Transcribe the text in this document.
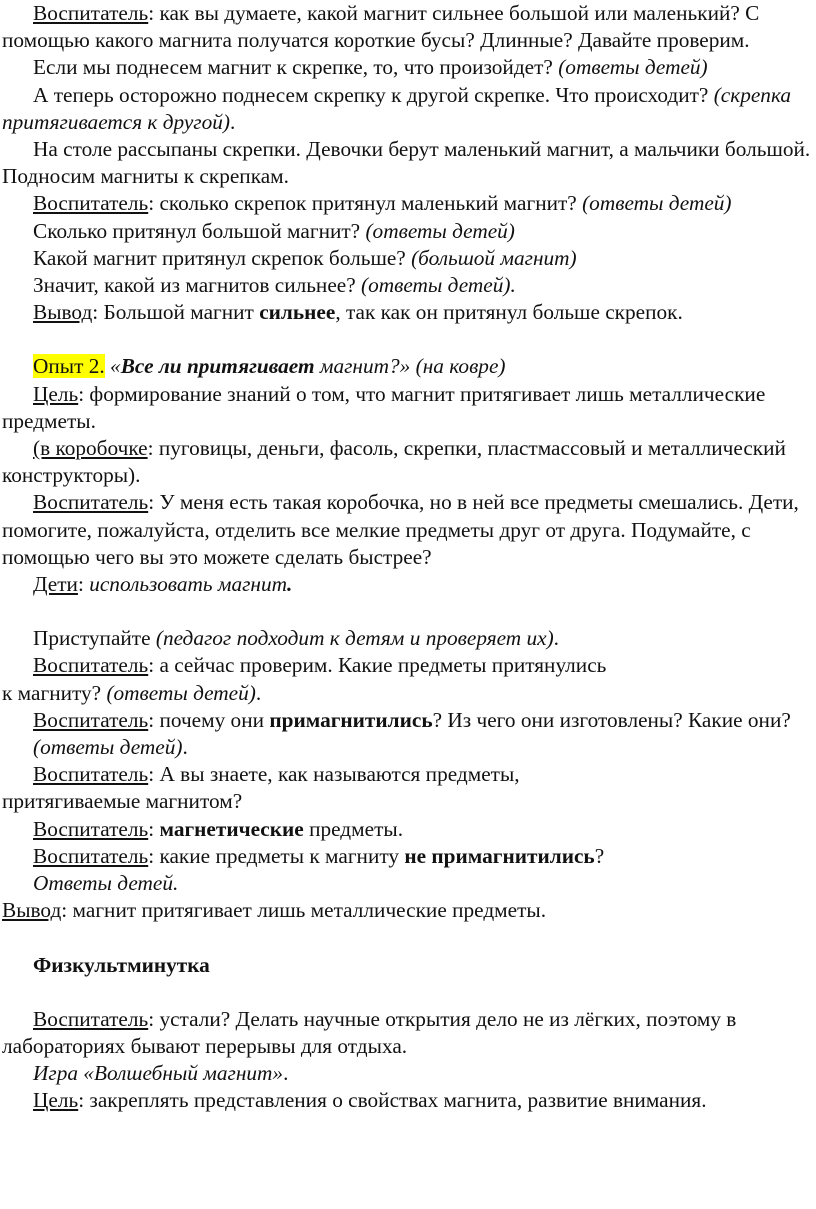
Воспитатель: как вы думаете, какой магнит сильнее большой или маленький? С помощью какого магнита получатся короткие бусы? Длинные? Давайте проверим.

Если мы поднесем магнит к скрепке, то, что произойдет? (ответы детей)

А теперь осторожно поднесем скрепку к другой скрепке. Что происходит? (скрепка притягивается к другой).

На столе рассыпаны скрепки. Девочки берут маленький магнит, а мальчики большой. Подносим магниты к скрепкам.

Воспитатель: сколько скрепок притянул маленький магнит? (ответы детей)

Сколько притянул большой магнит? (ответы детей)

Какой магнит притянул скрепок больше? (большой магнит)

Значит, какой из магнитов сильнее? (ответы детей).

Вывод: Большой магнит сильнее, так как он притянул больше скрепок.

Опыт 2. «Все ли притягивает магнит?» (на ковре)

Цель: формирование знаний о том, что магнит притягивает лишь металлические предметы.

(в коробочке: пуговицы, деньги, фасоль, скрепки, пластмассовый и металлический конструкторы).

Воспитатель: У меня есть такая коробочка, но в ней все предметы смешались. Дети, помогите, пожалуйста, отделить все мелкие предметы друг от друга. Подумайте, с помощью чего вы это можете сделать быстрее?

Дети: использовать магнит.

Приступайте (педагог подходит к детям и проверяет их).

Воспитатель: а сейчас проверим. Какие предметы притянулись
к магниту? (ответы детей).

Воспитатель: почему они примагнитились? Из чего они изготовлены? Какие они?

(ответы детей).

Воспитатель: А вы знаете, как называются предметы,
притягиваемые магнитом?

Воспитатель: магнетические предметы.

Воспитатель: какие предметы к магниту не примагнитились?

Ответы детей.

Вывод: магнит притягивает лишь металлические предметы.

Физкультминутка

Воспитатель: устали? Делать научные открытия дело не из лёгких, поэтому в лабораториях бывают перерывы для отдыха.

Игра «Волшебный магнит».

Цель: закреплять представления о свойствах магнита, развитие внимания.
